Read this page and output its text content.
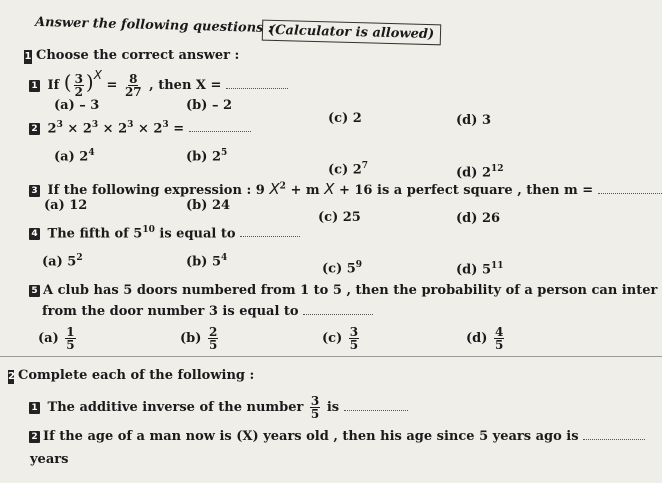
Answer the following questions :
(Calculator is allowed)
1 Choose the correct answer :
1 If ( $\frac{3}{2} )^X = \frac{8}{27}$ , then X =
(a) – 3	(b) – 2
(c) 2	(d) 3
2 $2^3 \times 2^3 \times 2^3 \times 2^3$ =
(a) $2^4$	(b) $2^5$
(c) $2^7$	(d) $2^{12}$
3 If the following expression : 9 $X^2 + m$ X + 16 is a perfect square , then m =
(a) 12	(b) 24
(c) 25	(d) 26
4 The fifth of $5^{10}$ is equal to
(a) $5^2$	(b) $5^4$
(c) $5^9$	(d) $5^{11}$
5 A club has 5 doors numbered from 1 to 5 , then the probability of a person can inter
from the door number 3 is equal to
$(a) \frac{1}{5}$	$(b) \frac{2}{5}$	$(c) \frac{3}{5}$	$(d) \frac{4}{5}$
2 Complete each of the following :
1 The additive inverse of the number $\frac{3}{5}$ is
2 If the age of a man now is (X) years old , then his age since 5 years ago is
years
